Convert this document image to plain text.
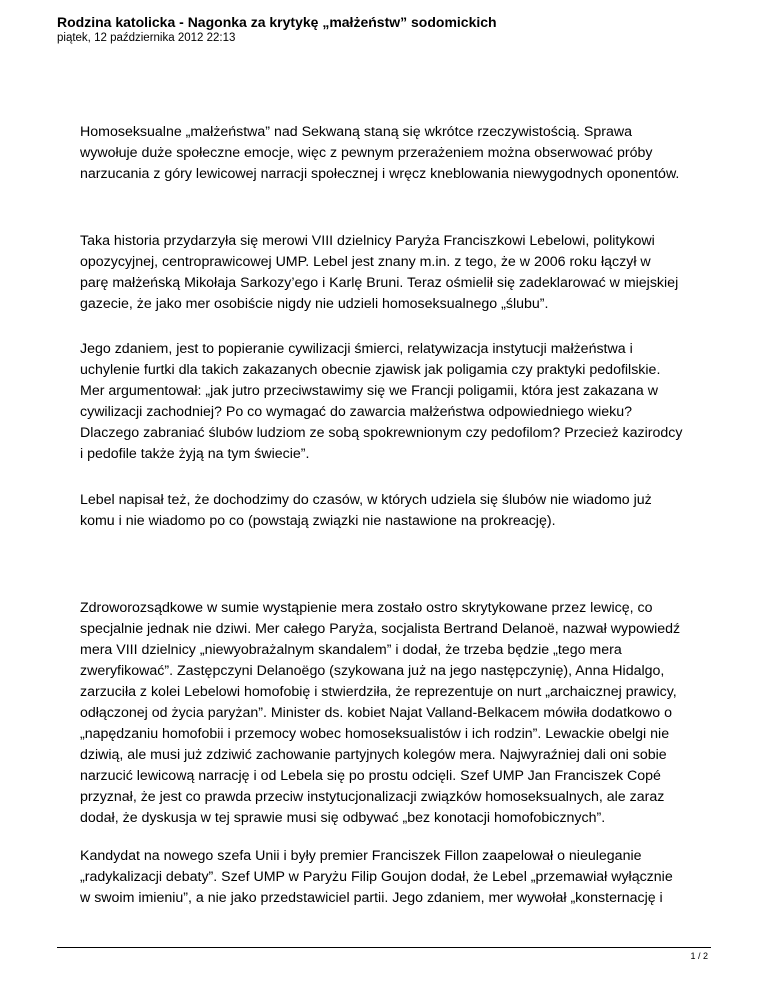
Rodzina katolicka - Nagonka za krytykę „małżeństw” sodomickich
piątek, 12 października 2012 22:13

Homoseksualne „małżeństwa” nad Sekwaną staną się wkrótce rzeczywistością. Sprawa
wywołuje duże społeczne emocje, więc z pewnym przerażeniem można obserwować próby
narzucania z góry lewicowej narracji społecznej i wręcz kneblowania niewygodnych oponentów.

Taka historia przydarzyła się merowi VIII dzielnicy Paryża Franciszkowi Lebelowi, politykowi
opozycyjnej, centroprawicowej UMP. Lebel jest znany m.in. z tego, że w 2006 roku łączył w
parę małżeńską Mikołaja Sarkozy’ego i Karlę Bruni. Teraz ośmielił się zadeklarować w miejskiej
gazecie, że jako mer osobiście nigdy nie udzieli homoseksualnego „ślubu”.

Jego zdaniem, jest to popieranie cywilizacji śmierci, relatywizacja instytucji małżeństwa i
uchylenie furtki dla takich zakazanych obecnie zjawisk jak poligamia czy praktyki pedofilskie.
Mer argumentował: „jak jutro przeciwstawimy się we Francji poligamii, która jest zakazana w
cywilizacji zachodniej? Po co wymagać do zawarcia małżeństwa odpowiedniego wieku?
Dlaczego zabraniać ślubów ludziom ze sobą spokrewnionym czy pedofilom? Przecież kazirodcy
i pedofile także żyją na tym świecie”.

Lebel napisał też, że dochodzimy do czasów, w których udziela się ślubów nie wiadomo już
komu i nie wiadomo po co (powstają związki nie nastawione na prokreację).

Zdroworozsądkowe w sumie wystąpienie mera zostało ostro skrytykowane przez lewicę, co
specjalnie jednak nie dziwi. Mer całego Paryża, socjalista Bertrand Delanoë, nazwał wypowiedź
mera VIII dzielnicy „niewyobrażalnym skandalem” i dodał, że trzeba będzie „tego mera
zweryfikować”. Zastępczyni Delanoëgo (szykowana już na jego następczynię), Anna Hidalgo,
zarzuciła z kolei Lebelowi homofobię i stwierdziła, że reprezentuje on nurt „archaicznej prawicy,
odłączonej od życia paryżan”. Minister ds. kobiet Najat Valland-Belkacem mówiła dodatkowo o
„napędzaniu homofobii i przemocy wobec homoseksualistów i ich rodzin”. Lewackie obelgi nie
dziwią, ale musi już zdziwić zachowanie partyjnych kolegów mera. Najwyraźniej dali oni sobie
narzucić lewicową narrację i od Lebela się po prostu odcięli. Szef UMP Jan Franciszek Copé
przyznał, że jest co prawda przeciw instytucjonalizacji związków homoseksualnych, ale zaraz
dodał, że dyskusja w tej sprawie musi się odbywać „bez konotacji homofobicznych”.

Kandydat na nowego szefa Unii i były premier Franciszek Fillon zaapelował o nieuleganie
„radykalizacji debaty”. Szef UMP w Paryżu Filip Goujon dodał, że Lebel „przemawiał wyłącznie
w swoim imieniu”, a nie jako przedstawiciel partii. Jego zdaniem, mer wywołał „konsternację i

1 / 2
